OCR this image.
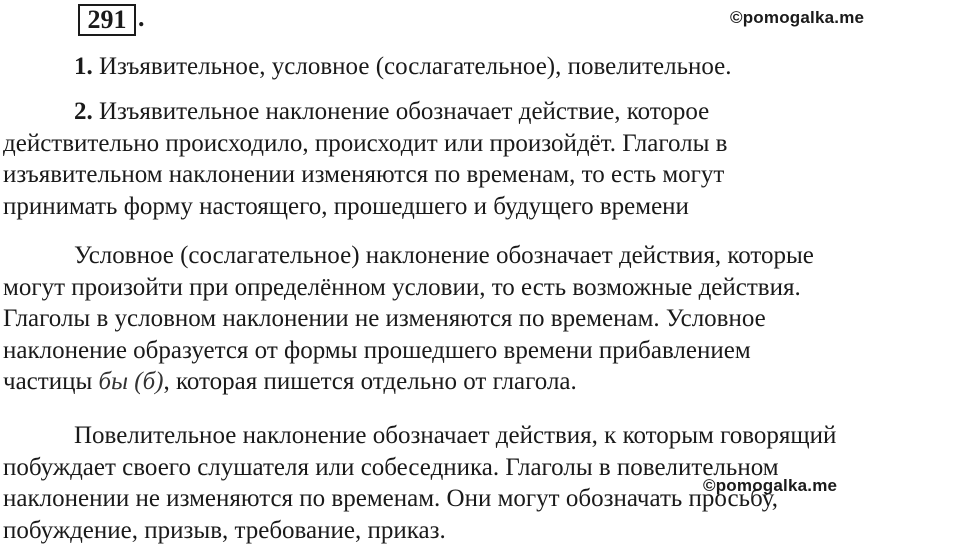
291 .	©pomogalka.me
1. Изъявительное, условное (сослагательное), повелительное.
2. Изъявительное наклонение обозначает действие, которое
действительно происходило, происходит или произойдёт. Глаголы в
изъявительном наклонении изменяются по временам, то есть могут
принимать форму настоящего, прошедшего и будущего времени
Условное (сослагательное) наклонение обозначает действия, которые
могут произойти при определённом условии, то есть возможные действия.
Глаголы в условном наклонении не изменяются по временам. Условное
наклонение образуется от формы прошедшего времени прибавлением
частицы бы (б), которая пишется отдельно от глагола.
Повелительное наклонение обозначает действия, к которым говорящий
побуждает своего слушателя или собеседника. Глаголы в повелительном
наклонении не изменяются по временам. Они могут обозначать просьбу,
побуждение, призыв, требование, приказ.
©pomogalka.me
